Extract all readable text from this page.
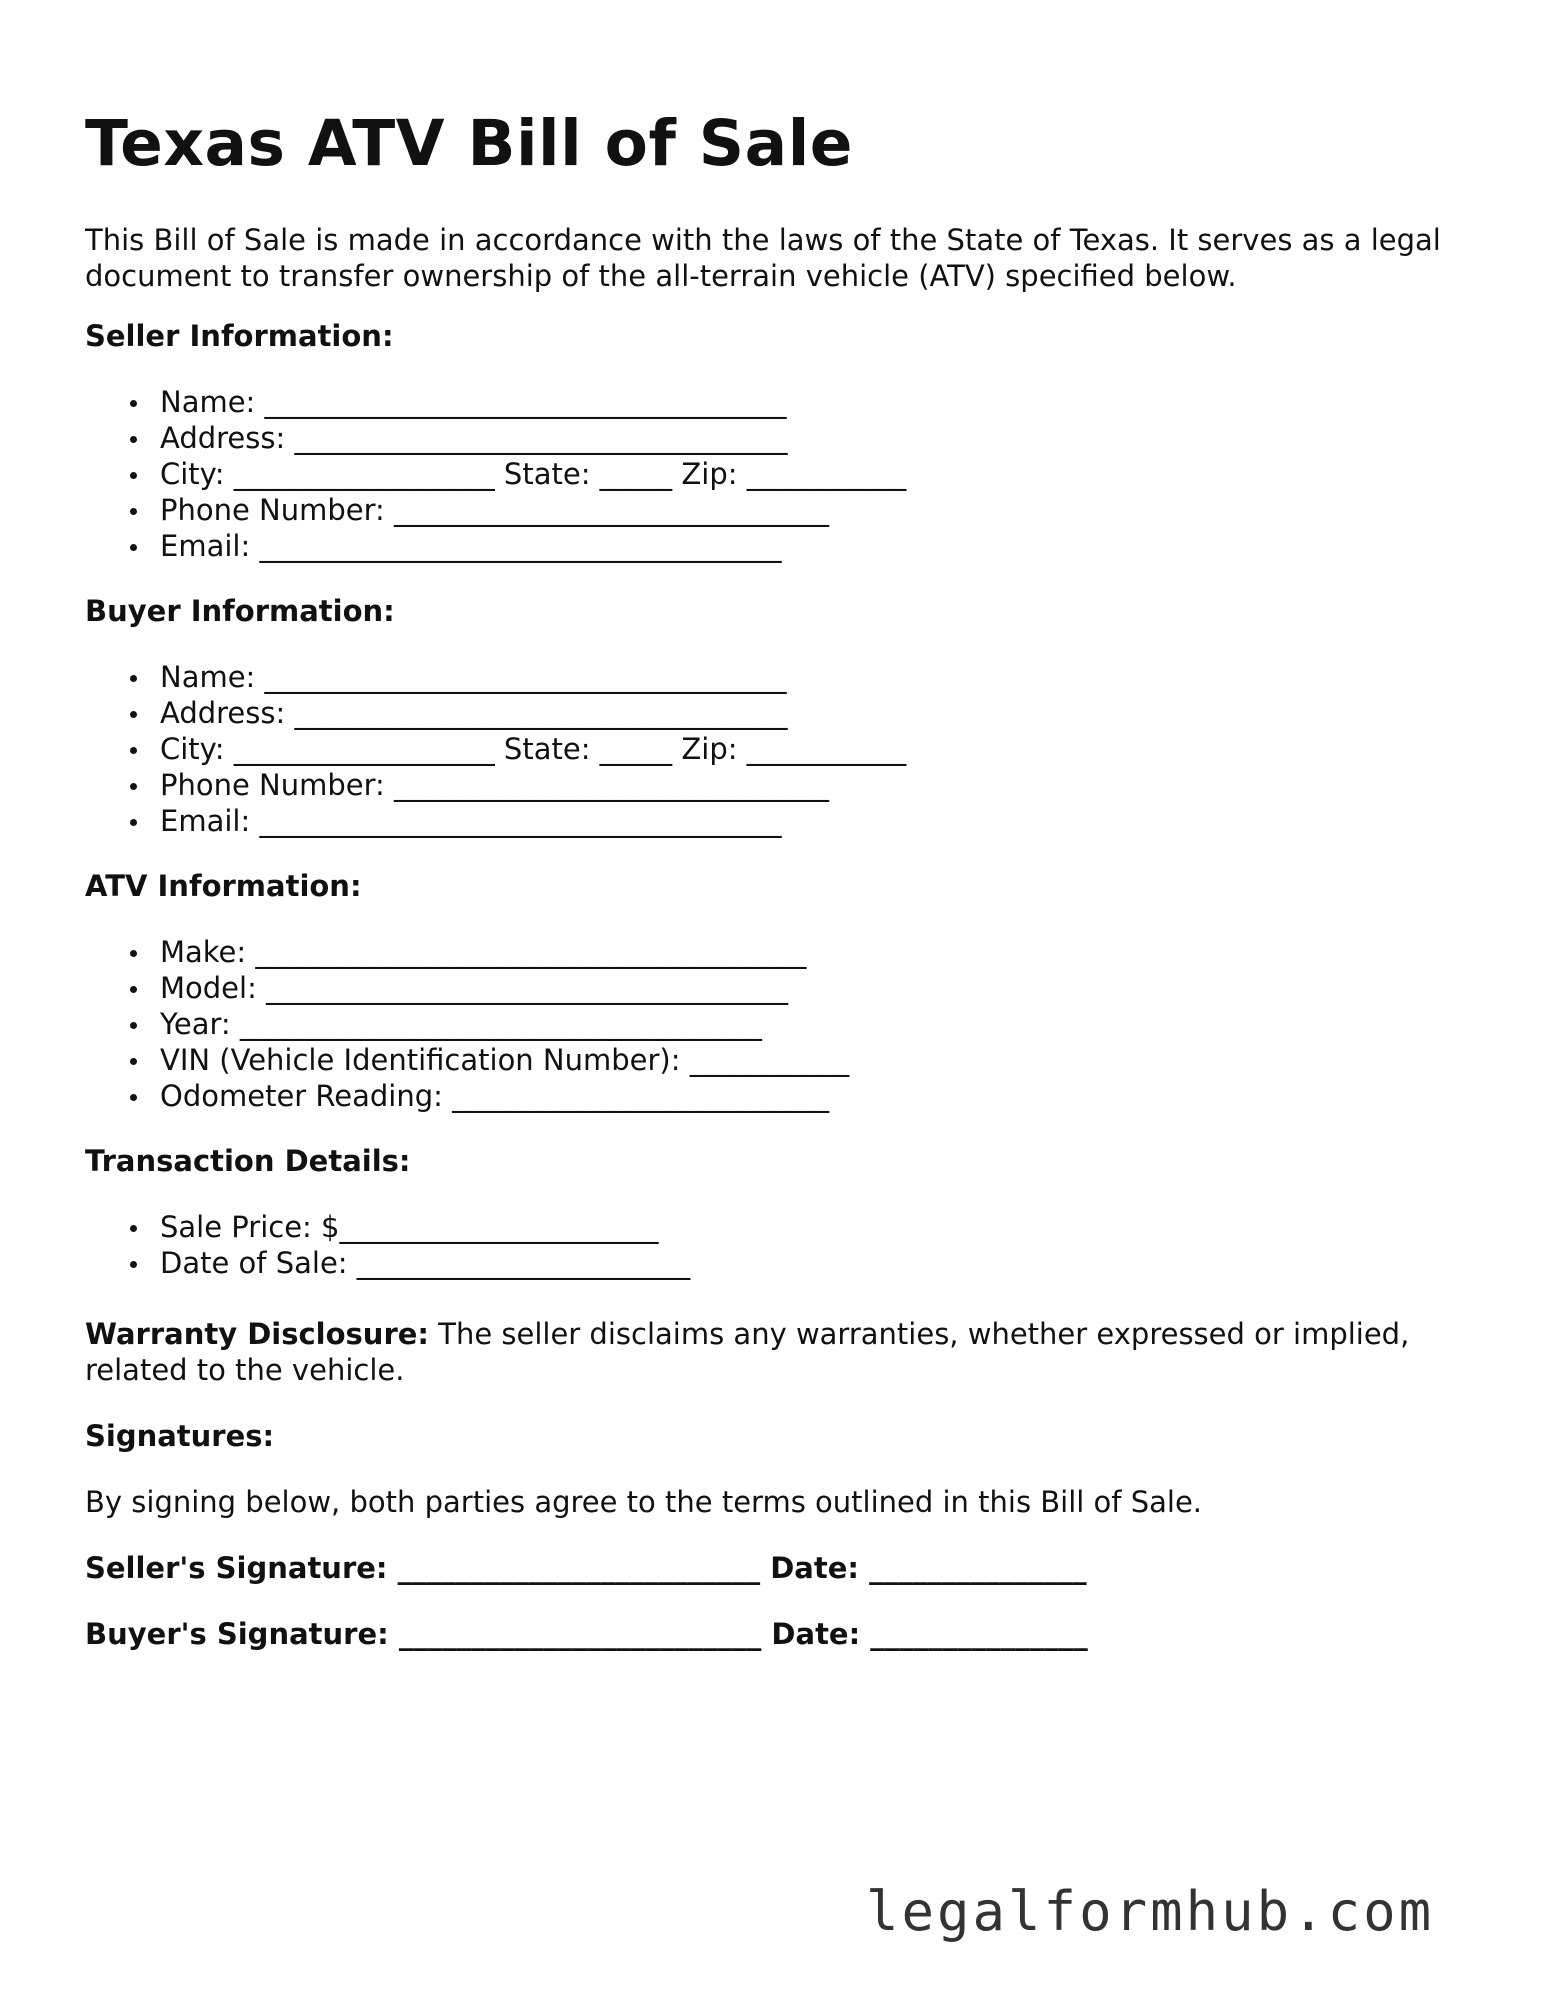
Texas ATV Bill of Sale

This Bill of Sale is made in accordance with the laws of the State of Texas. It serves as a legal document to transfer ownership of the all-terrain vehicle (ATV) specified below.

Seller Information:

Name: ____________________________________
Address: __________________________________
City: __________________ State: _____ Zip: ___________
Phone Number: ______________________________
Email: ____________________________________

Buyer Information:

Name: ____________________________________
Address: __________________________________
City: __________________ State: _____ Zip: ___________
Phone Number: ______________________________
Email: ____________________________________

ATV Information:

Make: ______________________________________
Model: ____________________________________
Year: ____________________________________
VIN (Vehicle Identification Number): ___________
Odometer Reading: __________________________

Transaction Details:

Sale Price: $______________________
Date of Sale: _______________________

Warranty Disclosure: The seller disclaims any warranties, whether expressed or implied, related to the vehicle.

Signatures:

By signing below, both parties agree to the terms outlined in this Bill of Sale.

Seller's Signature: _________________________ Date: _______________

Buyer's Signature: _________________________ Date: _______________

legalformhub.com
